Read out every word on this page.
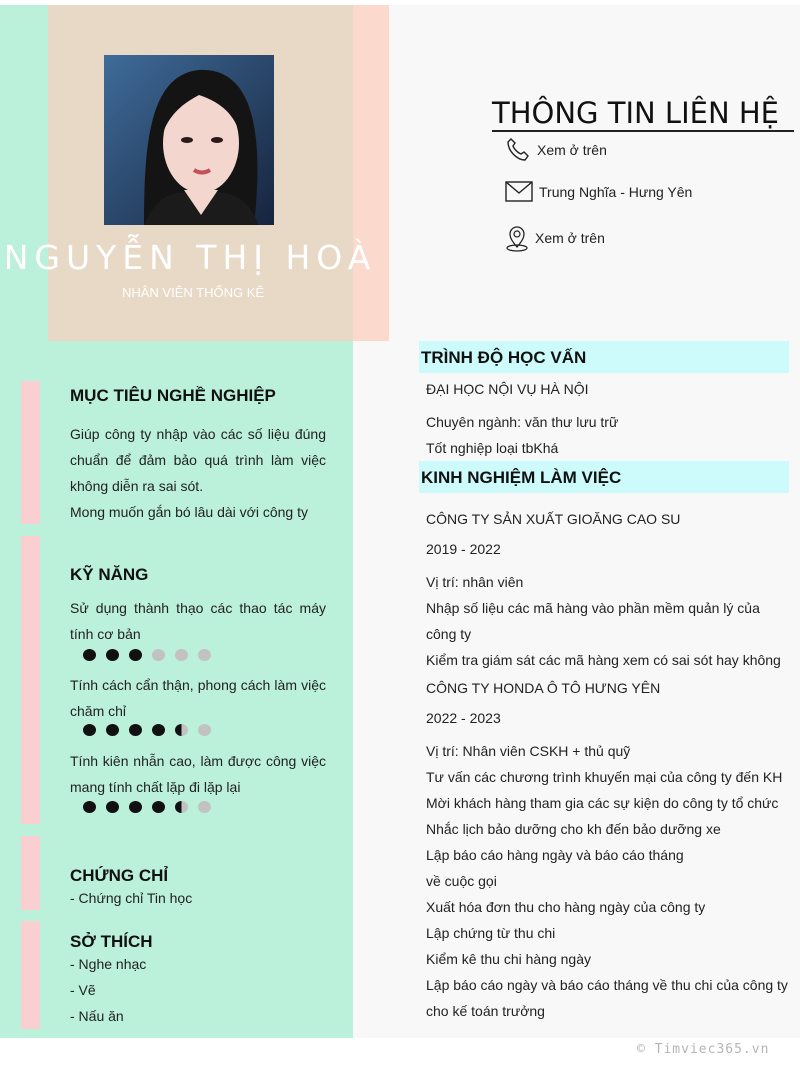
NGUYỄN THỊ HOÀ
NHÂN VIÊN THỐNG KÊ
THÔNG TIN LIÊN HỆ
Xem ở trên
Trung Nghĩa - Hưng Yên
Xem ở trên
MỤC TIÊU NGHỀ NGHIỆP
Giúp công ty nhập vào các số liệu đúng chuẩn để đảm bảo quá trình làm việc không diễn ra sai sót.
Mong muốn gắn bó lâu dài với công ty
KỸ NĂNG
Sử dụng thành thạo các thao tác máy tính cơ bản
Tính cách cẩn thận, phong cách làm việc chăm chỉ
Tính kiên nhẫn cao, làm được công việc mang tính chất lặp đi lặp lại
CHỨNG CHỈ
- Chứng chỉ Tin học
SỞ THÍCH
- Nghe nhạc
- Vẽ
- Nấu ăn
TRÌNH ĐỘ HỌC VẤN
ĐẠI HỌC NỘI VỤ HÀ NỘI
Chuyên ngành: văn thư lưu trữ
Tốt nghiệp loại tbKhá
KINH NGHIỆM LÀM VIỆC
CÔNG TY SẢN XUẤT GIOĂNG CAO SU
2019 - 2022
Vị trí: nhân viên
Nhập số liệu các mã hàng vào phần mềm quản lý của công ty
Kiểm tra giám sát các mã hàng xem có sai sót hay không
CÔNG TY HONDA Ô TÔ HƯNG YÊN
2022 - 2023
Vị trí: Nhân viên CSKH + thủ quỹ
Tư vấn các chương trình khuyến mại của công ty đến KH
Mời khách hàng tham gia các sự kiện do công ty tổ chức
Nhắc lịch bảo dưỡng cho kh đến bảo dưỡng xe
Lập báo cáo hàng ngày và báo cáo tháng
về cuộc gọi
Xuất hóa đơn thu cho hàng ngày của công ty
Lập chứng từ thu chi
Kiểm kê thu chi hàng ngày
Lập báo cáo ngày và báo cáo tháng về thu chi của công ty cho kế toán trưởng
© Timviec365.vn
